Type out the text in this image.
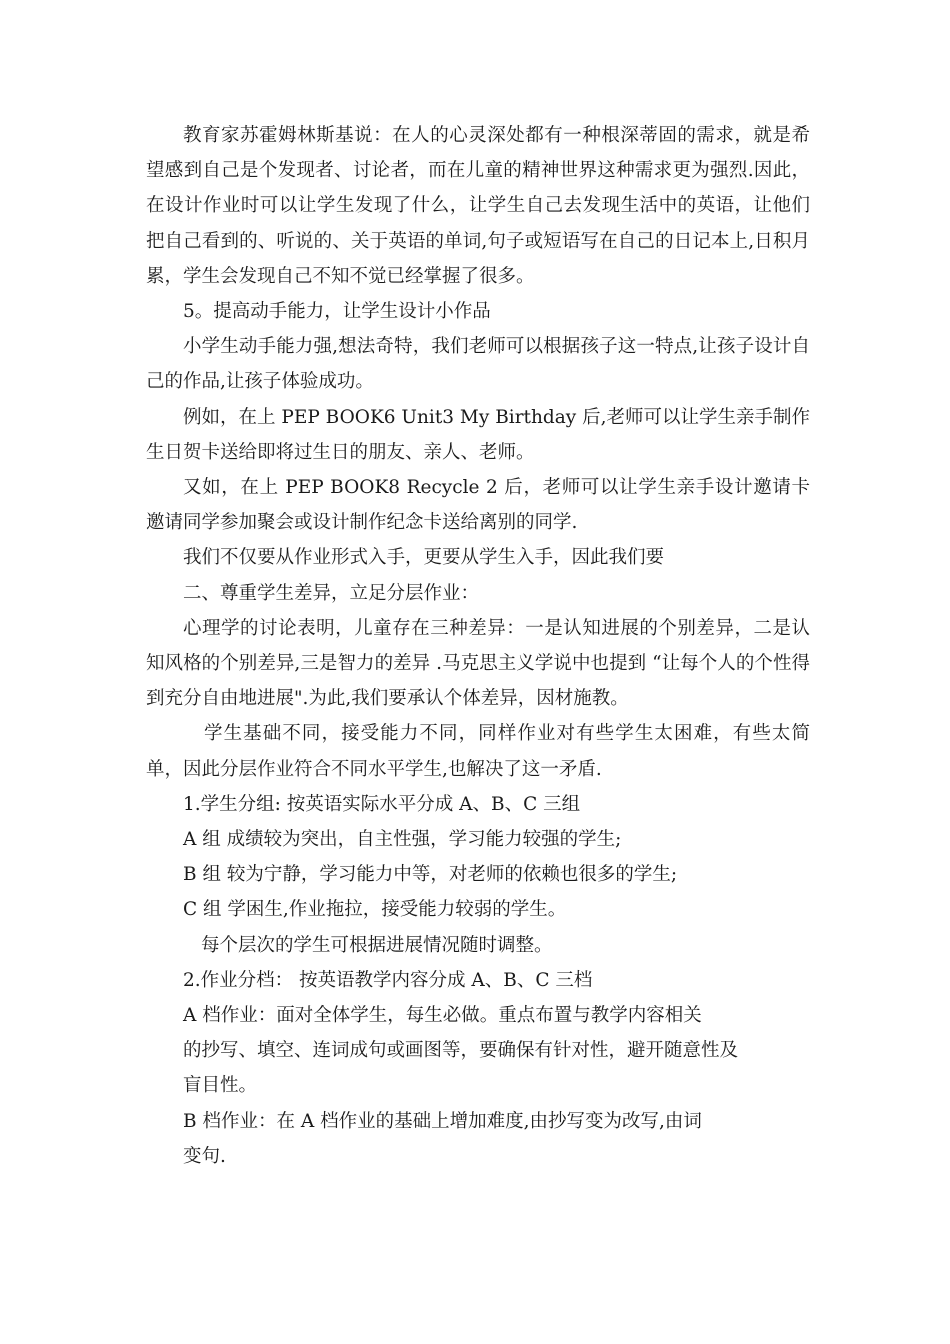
教育家苏霍姆林斯基说：在人的心灵深处都有一种根深蒂固的需求，就是希望感到自己是个发现者、讨论者，而在儿童的精神世界这种需求更为强烈.因此，在设计作业时可以让学生发现了什么，让学生自己去发现生活中的英语，让他们把自己看到的、听说的、关于英语的单词,句子或短语写在自己的日记本上,日积月累，学生会发现自己不知不觉已经掌握了很多。

5。提高动手能力，让学生设计小作品

小学生动手能力强,想法奇特，我们老师可以根据孩子这一特点,让孩子设计自己的作品,让孩子体验成功。

例如，在上 PEP BOOK6 Unit3 My Birthday 后,老师可以让学生亲手制作生日贺卡送给即将过生日的朋友、亲人、老师。

又如，在上 PEP BOOK8 Recycle 2 后，老师可以让学生亲手设计邀请卡邀请同学参加聚会或设计制作纪念卡送给离别的同学.

我们不仅要从作业形式入手，更要从学生入手，因此我们要

二、尊重学生差异，立足分层作业：

心理学的讨论表明，儿童存在三种差异：一是认知进展的个别差异，二是认知风格的个别差异,三是智力的差异 .马克思主义学说中也提到 “让每个人的个性得到充分自由地进展".为此,我们要承认个体差异，因材施教。

学生基础不同，接受能力不同，同样作业对有些学生太困难，有些太简单，因此分层作业符合不同水平学生,也解决了这一矛盾.

1.学生分组: 按英语实际水平分成 A、B、C 三组

A 组 成绩较为突出，自主性强，学习能力较强的学生;

B 组 较为宁静，学习能力中等，对老师的依赖也很多的学生;

C 组 学困生,作业拖拉，接受能力较弱的学生。

每个层次的学生可根据进展情况随时调整。

2.作业分档： 按英语教学内容分成 A、B、C 三档

A 档作业：面对全体学生，每生必做。重点布置与教学内容相关

的抄写、填空、连词成句或画图等，要确保有针对性，避开随意性及

盲目性。

B 档作业：在 A 档作业的基础上增加难度,由抄写变为改写,由词

变句.
